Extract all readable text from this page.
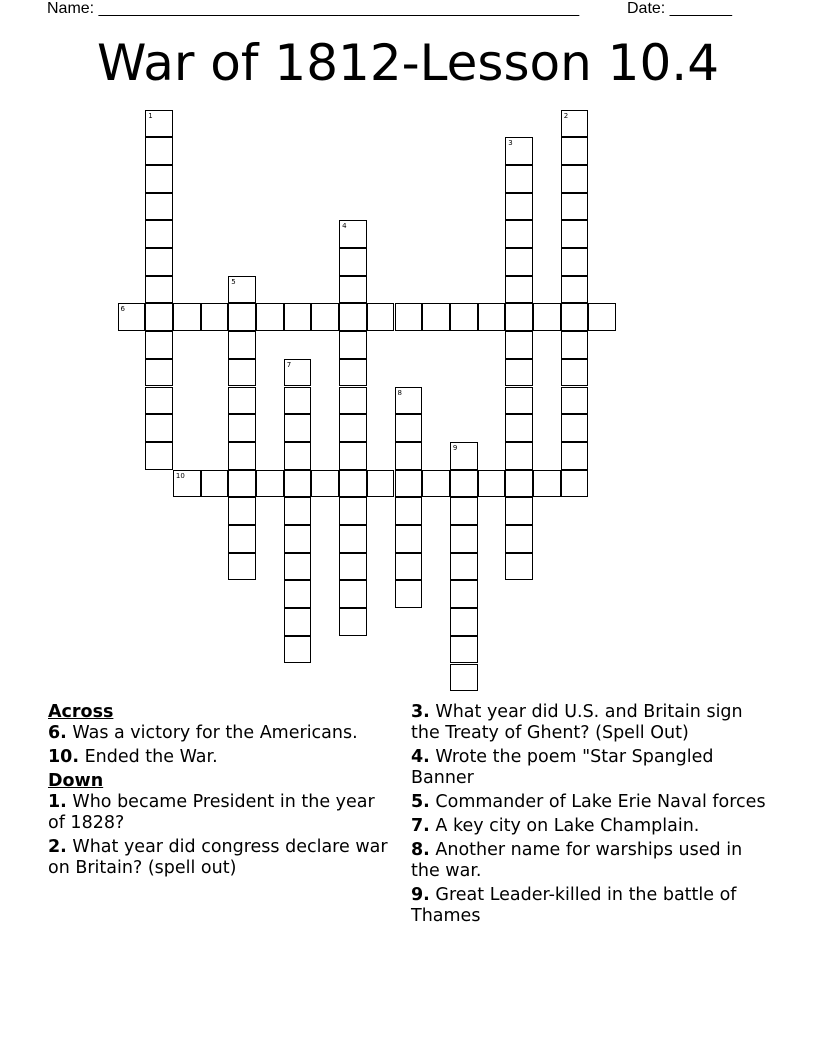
Name: ______________________________________________________	Date: _______
War of 1812-Lesson 10.4
1	2
3
4
5
6
7
8
9
10

Across

6. Was a victory for the Americans.

10. Ended the War.

Down

1. Who became President in the year of 1828?

2. What year did congress declare war on Britain? (spell out)

3. What year did U.S. and Britain sign the Treaty of Ghent? (Spell Out)

4. Wrote the poem "Star Spangled Banner

5. Commander of Lake Erie Naval forces

7. A key city on Lake Champlain.

8. Another name for warships used in the war.

9. Great Leader-killed in the battle of Thames
